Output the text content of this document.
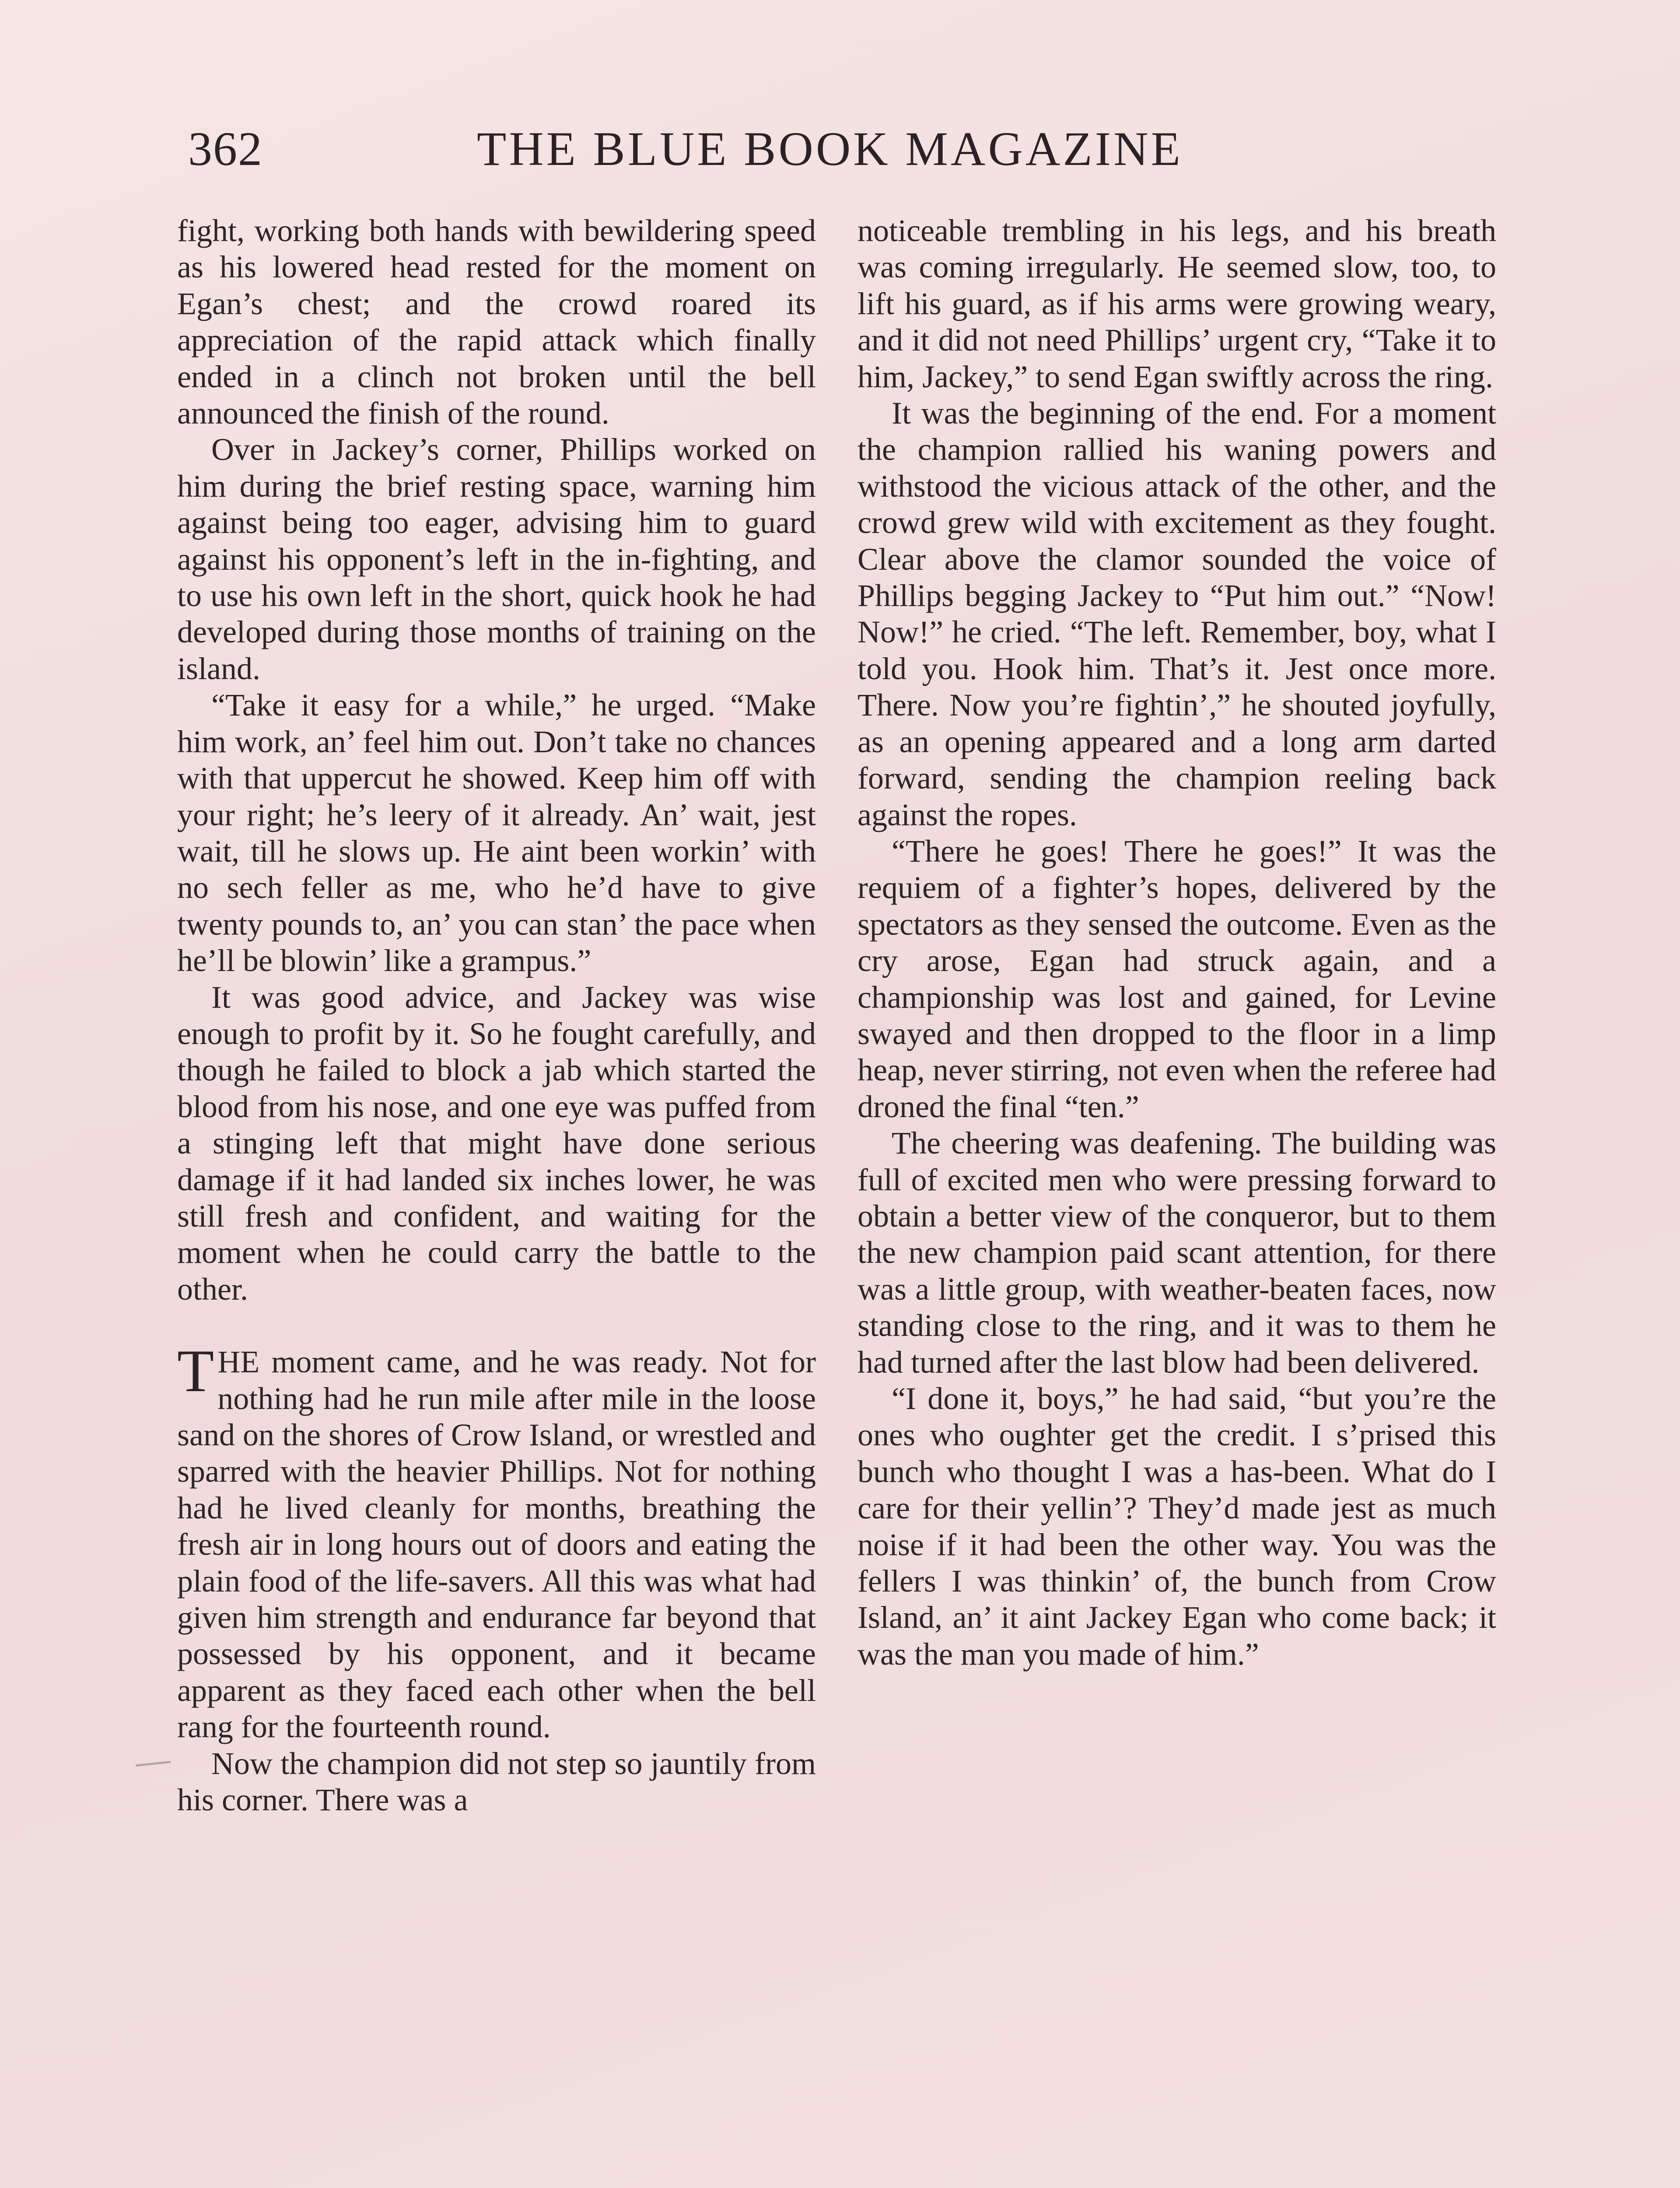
362	THE BLUE BOOK MAGAZINE

fight, working both hands with bewildering speed as his lowered head rested for the moment on Egan’s chest; and the crowd roared its appreciation of the rapid attack which finally ended in a clinch not broken until the bell announced the finish of the round.

Over in Jackey’s corner, Phillips worked on him during the brief resting space, warning him against being too eager, advising him to guard against his opponent’s left in the in-fighting, and to use his own left in the short, quick hook he had developed during those months of training on the island.

“Take it easy for a while,” he urged. “Make him work, an’ feel him out. Don’t take no chances with that uppercut he showed. Keep him off with your right; he’s leery of it already. An’ wait, jest wait, till he slows up. He aint been workin’ with no sech feller as me, who he’d have to give twenty pounds to, an’ you can stan’ the pace when he’ll be blowin’ like a grampus.”

It was good advice, and Jackey was wise enough to profit by it. So he fought carefully, and though he failed to block a jab which started the blood from his nose, and one eye was puffed from a stinging left that might have done serious damage if it had landed six inches lower, he was still fresh and confident, and waiting for the moment when he could carry the battle to the other.

THE moment came, and he was ready. Not for nothing had he run mile after mile in the loose sand on the shores of Crow Island, or wrestled and sparred with the heavier Phillips. Not for nothing had he lived cleanly for months, breathing the fresh air in long hours out of doors and eating the plain food of the life-savers. All this was what had given him strength and endurance far beyond that possessed by his opponent, and it became apparent as they faced each other when the bell rang for the fourteenth round.

Now the champion did not step so jauntily from his corner. There was a

noticeable trembling in his legs, and his breath was coming irregularly. He seemed slow, too, to lift his guard, as if his arms were growing weary, and it did not need Phillips’ urgent cry, “Take it to him, Jackey,” to send Egan swiftly across the ring.

It was the beginning of the end. For a moment the champion rallied his waning powers and withstood the vicious attack of the other, and the crowd grew wild with excitement as they fought. Clear above the clamor sounded the voice of Phillips begging Jackey to “Put him out.” “Now! Now!” he cried. “The left. Remember, boy, what I told you. Hook him. That’s it. Jest once more. There. Now you’re fightin’,” he shouted joyfully, as an opening appeared and a long arm darted forward, sending the champion reeling back against the ropes.

“There he goes! There he goes!” It was the requiem of a fighter’s hopes, delivered by the spectators as they sensed the outcome. Even as the cry arose, Egan had struck again, and a championship was lost and gained, for Levine swayed and then dropped to the floor in a limp heap, never stirring, not even when the referee had droned the final “ten.”

The cheering was deafening. The building was full of excited men who were pressing forward to obtain a better view of the conqueror, but to them the new champion paid scant attention, for there was a little group, with weather-beaten faces, now standing close to the ring, and it was to them he had turned after the last blow had been delivered.

“I done it, boys,” he had said, “but you’re the ones who oughter get the credit. I s’prised this bunch who thought I was a has-been. What do I care for their yellin’? They’d made jest as much noise if it had been the other way. You was the fellers I was thinkin’ of, the bunch from Crow Island, an’ it aint Jackey Egan who come back; it was the man you made of him.”
